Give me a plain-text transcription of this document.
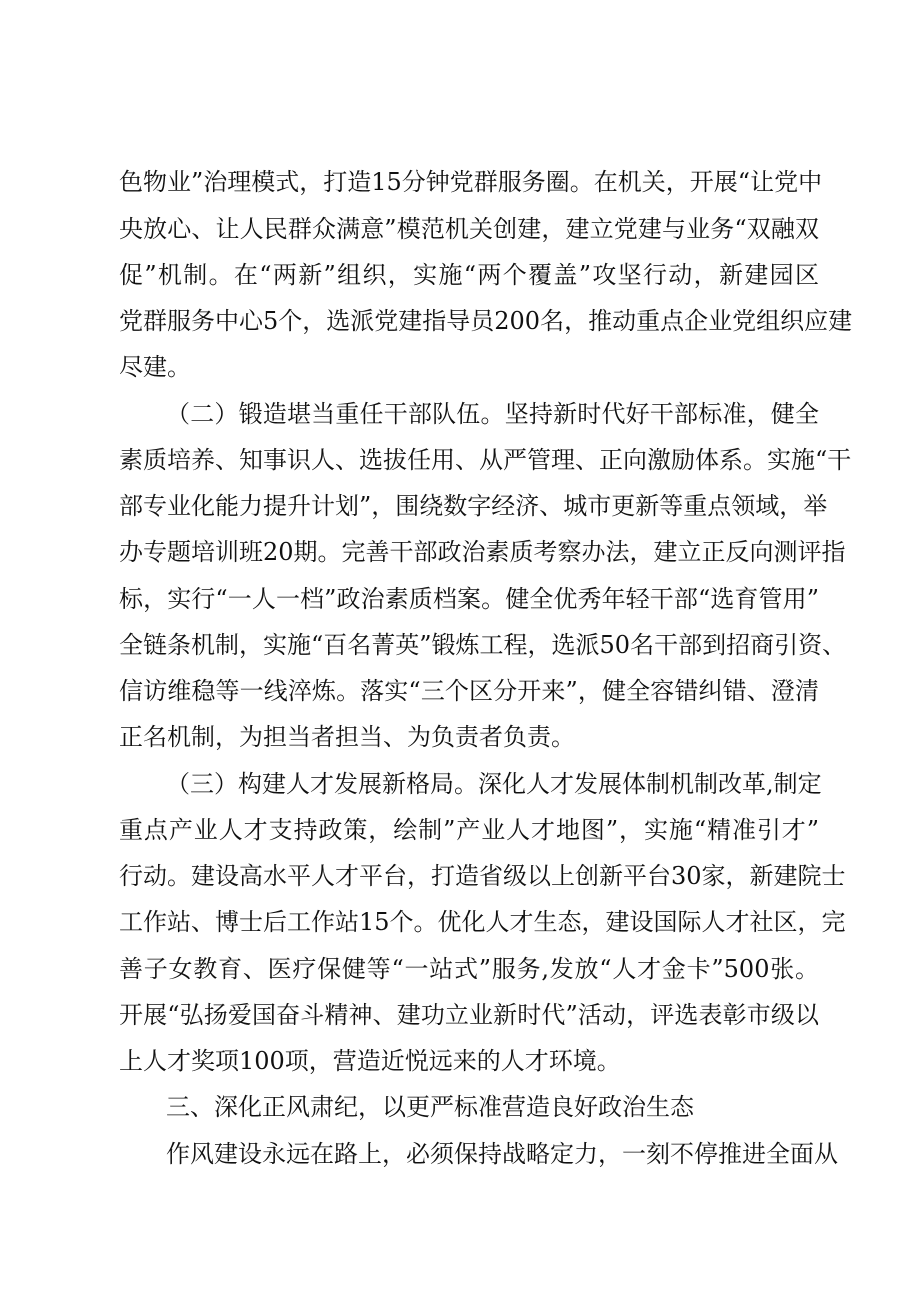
色物业”治理模式，打造15分钟党群服务圈。在机关，开展“让党中
央放心、让人民群众满意”模范机关创建，建立党建与业务“双融双
促”机制。在“两新”组织，实施“两个覆盖”攻坚行动，新建园区
党群服务中心5个，选派党建指导员200名，推动重点企业党组织应建
尽建。
（二）锻造堪当重任干部队伍。坚持新时代好干部标准，健全
素质培养、知事识人、选拔任用、从严管理、正向激励体系。实施“干
部专业化能力提升计划”，围绕数字经济、城市更新等重点领域，举
办专题培训班20期。完善干部政治素质考察办法，建立正反向测评指
标，实行“一人一档”政治素质档案。健全优秀年轻干部“选育管用”
全链条机制，实施“百名菁英”锻炼工程，选派50名干部到招商引资、
信访维稳等一线淬炼。落实“三个区分开来”，健全容错纠错、澄清
正名机制，为担当者担当、为负责者负责。
（三）构建人才发展新格局。深化人才发展体制机制改革,制定
重点产业人才支持政策，绘制”产业人才地图”，实施“精准引才”
行动。建设高水平人才平台，打造省级以上创新平台30家，新建院士
工作站、博士后工作站15个。优化人才生态，建设国际人才社区，完
善子女教育、医疗保健等“一站式”服务,发放“人才金卡”500张。
开展“弘扬爱国奋斗精神、建功立业新时代”活动，评选表彰市级以
上人才奖项100项，营造近悦远来的人才环境。
三、深化正风肃纪，以更严标准营造良好政治生态
作风建设永远在路上，必须保持战略定力，一刻不停推进全面从
